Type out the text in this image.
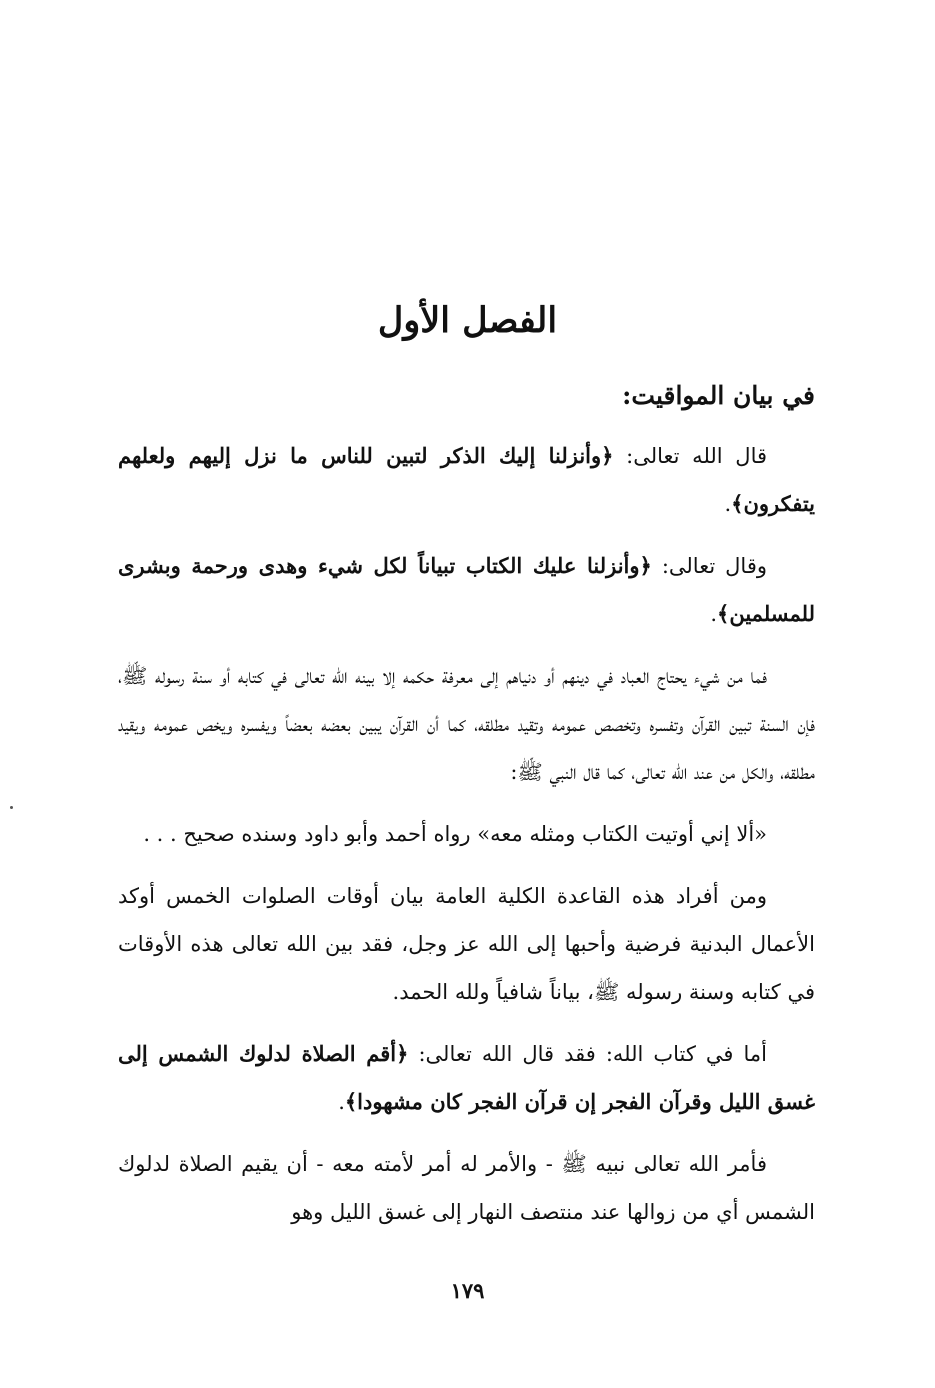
الفصل الأول

في بيان المواقيت:

قال الله تعالى: ﴿وأنزلنا إليك الذكر لتبين للناس ما نزل إليهم ولعلهم يتفكرون﴾.

وقال تعالى: ﴿وأنزلنا عليك الكتاب تبياناً لكل شيء وهدى ورحمة وبشرى للمسلمين﴾.

فما من شيء يحتاج العباد في دينهم أو دنياهم إلى معرفة حكمه إلا بينه الله تعالى في كتابه أو سنة رسوله ﷺ، فإن السنة تبين القرآن وتفسره وتخصص عمومه وتقيد مطلقه، كما أن القرآن يبين بعضه بعضاً ويفسره ويخص عمومه ويقيد مطلقه، والكل من عند الله تعالى، كما قال النبي ﷺ:

«ألا إني أوتيت الكتاب ومثله معه» رواه أحمد وأبو داود وسنده صحيح . . .

ومن أفراد هذه القاعدة الكلية العامة بيان أوقات الصلوات الخمس أوكد الأعمال البدنية فرضية وأحبها إلى الله عز وجل، فقد بين الله تعالى هذه الأوقات في كتابه وسنة رسوله ﷺ، بياناً شافياً ولله الحمد.

أما في كتاب الله: فقد قال الله تعالى: ﴿أقم الصلاة لدلوك الشمس إلى غسق الليل وقرآن الفجر إن قرآن الفجر كان مشهودا﴾.

فأمر الله تعالى نبيه ﷺ - والأمر له أمر لأمته معه - أن يقيم الصلاة لدلوك الشمس أي من زوالها عند منتصف النهار إلى غسق الليل وهو

١٧٩
